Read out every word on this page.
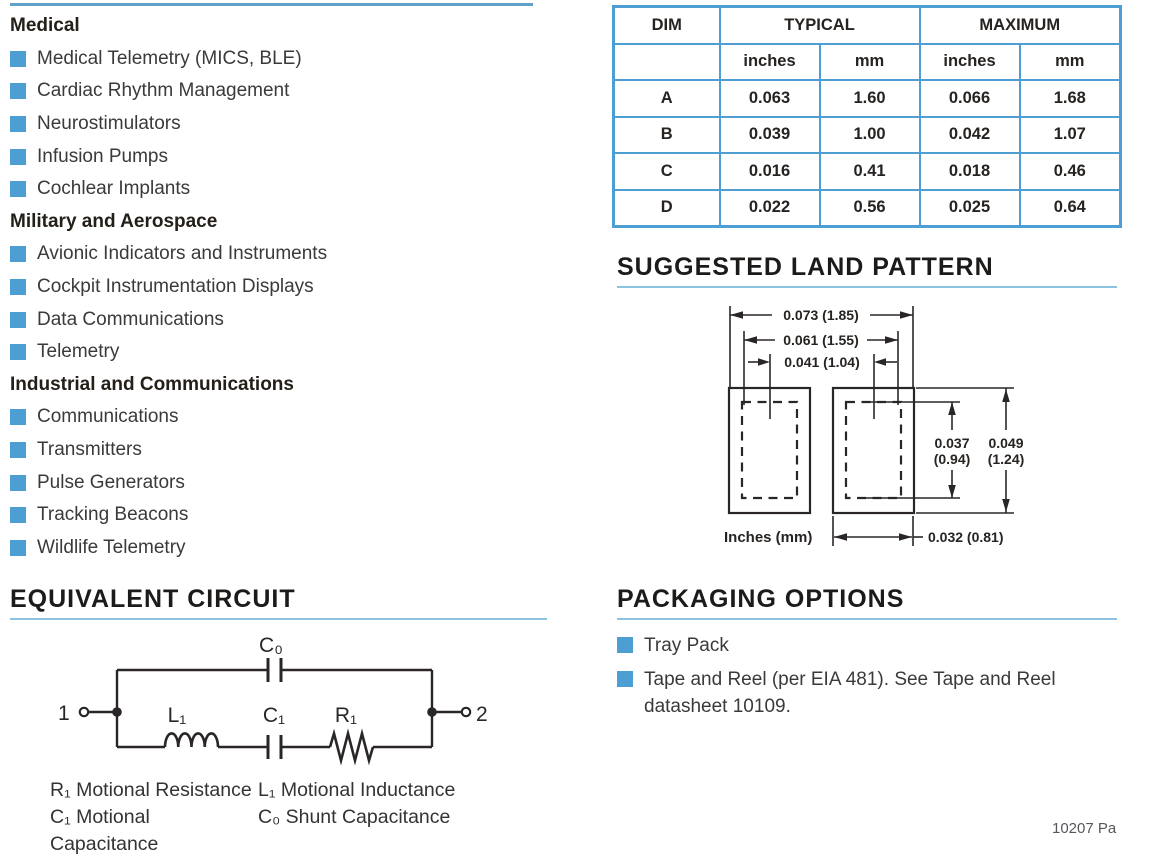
Medical
Medical Telemetry (MICS, BLE)
Cardiac Rhythm Management
Neurostimulators
Infusion Pumps
Cochlear Implants
Military and Aerospace
Avionic Indicators and Instruments
Cockpit Instrumentation Displays
Data Communications
Telemetry
Industrial and Communications
Communications
Transmitters
Pulse Generators
Tracking Beacons
Wildlife Telemetry
DIM	TYPICAL		MAXIMUM	
	inches	mm	inches	mm
A	0.063	1.60	0.066	1.68
B	0.039	1.00	0.042	1.07
C	0.016	0.41	0.018	0.46
D	0.022	0.56	0.025	0.64
SUGGESTED LAND PATTERN
0.073 (1.85)
0.061 (1.55)
0.041 (1.04)
0.037
(0.94)
0.049
(1.24)
0.032 (0.81)
Inches (mm)
EQUIVALENT CIRCUIT
1	2
C₀
L₁	C₁ R₁
R₁ Motional Resistance L₁ Motional Inductance
C₁ Motional Capacitance
C₀ Shunt Capacitance
PACKAGING OPTIONS
Tray Pack
Tape and Reel (per EIA 481). See Tape and Reel datasheet 10109.
10207 Pa
